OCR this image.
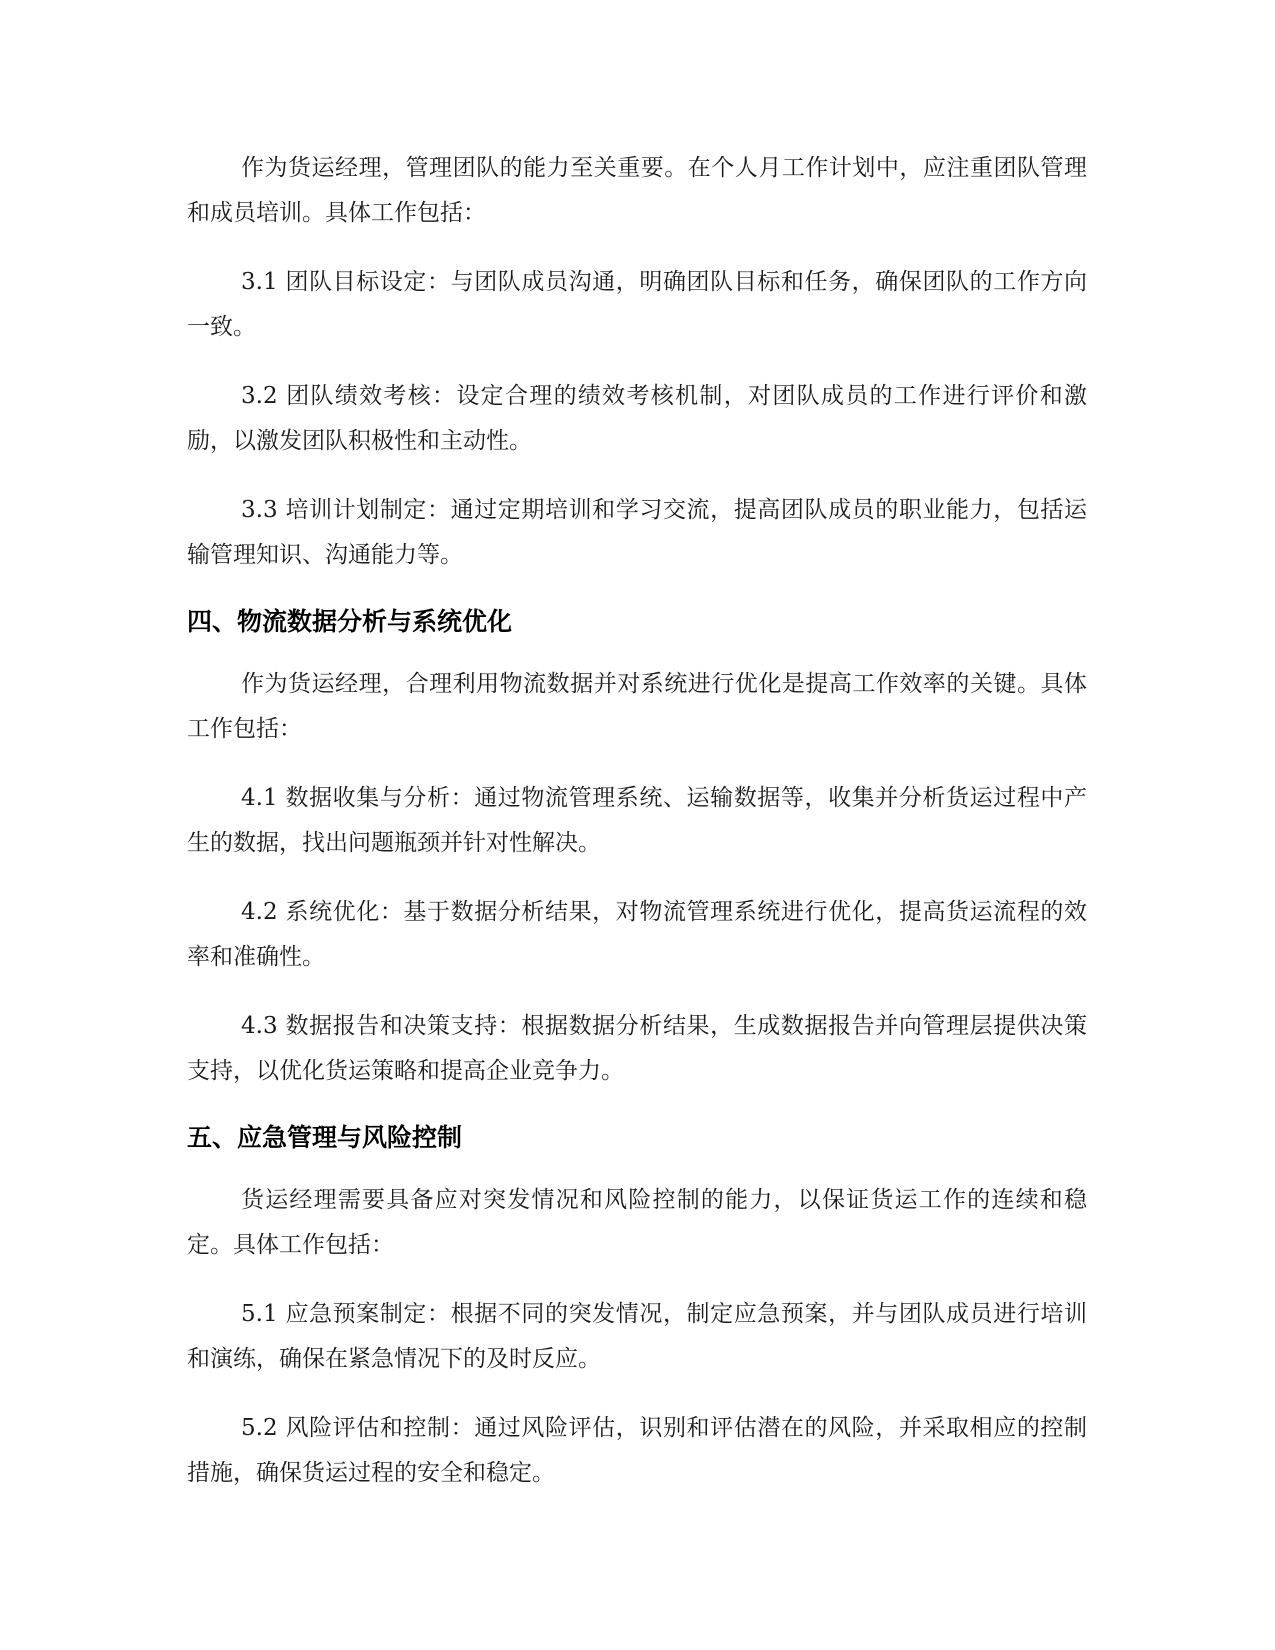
作为货运经理，管理团队的能力至关重要。在个人月工作计划中，应注重团队管理和成员培训。具体工作包括：

3.1 团队目标设定：与团队成员沟通，明确团队目标和任务，确保团队的工作方向一致。

3.2 团队绩效考核：设定合理的绩效考核机制，对团队成员的工作进行评价和激励，以激发团队积极性和主动性。

3.3 培训计划制定：通过定期培训和学习交流，提高团队成员的职业能力，包括运输管理知识、沟通能力等。

四、物流数据分析与系统优化

作为货运经理，合理利用物流数据并对系统进行优化是提高工作效率的关键。具体工作包括：

4.1 数据收集与分析：通过物流管理系统、运输数据等，收集并分析货运过程中产生的数据，找出问题瓶颈并针对性解决。

4.2 系统优化：基于数据分析结果，对物流管理系统进行优化，提高货运流程的效率和准确性。

4.3 数据报告和决策支持：根据数据分析结果，生成数据报告并向管理层提供决策支持，以优化货运策略和提高企业竞争力。

五、应急管理与风险控制

货运经理需要具备应对突发情况和风险控制的能力，以保证货运工作的连续和稳定。具体工作包括：

5.1 应急预案制定：根据不同的突发情况，制定应急预案，并与团队成员进行培训和演练，确保在紧急情况下的及时反应。

5.2 风险评估和控制：通过风险评估，识别和评估潜在的风险，并采取相应的控制措施，确保货运过程的安全和稳定。
